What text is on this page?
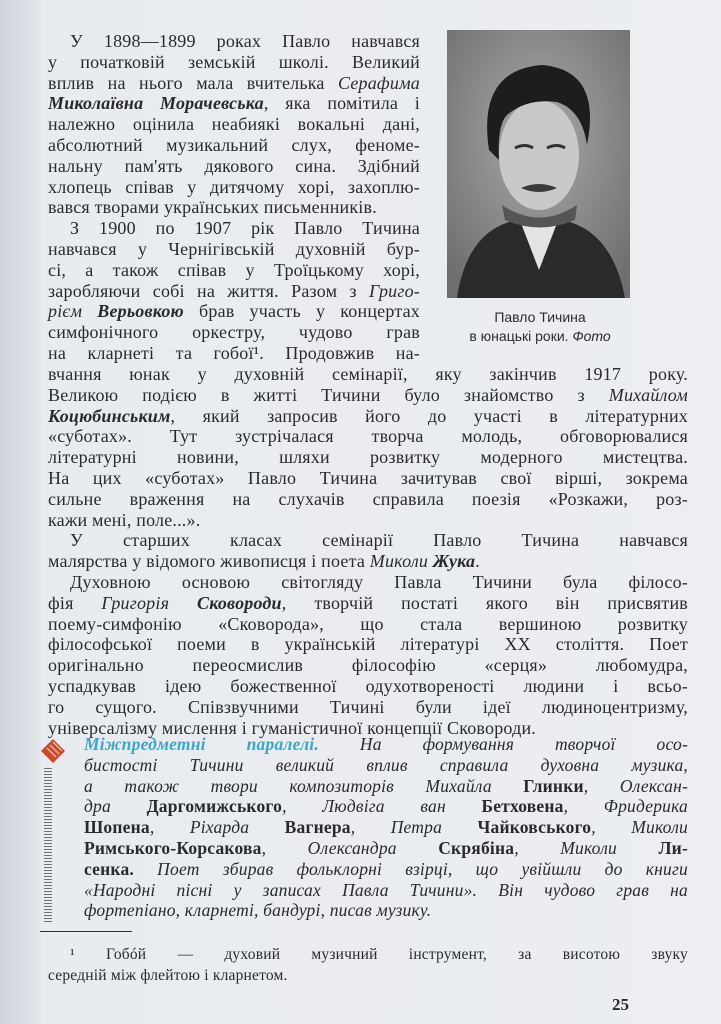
У 1898—1899 роках Павло навчався
у початковій земській школі. Великий
вплив на нього мала вчителька Серафима
Миколаївна Морачевська, яка помітила і
належно оцінила неабиякі вокальні дані,
абсолютний музикальний слух, феноме-
нальну пам'ять дякового сина. Здібний
хлопець співав у дитячому хорі, захоплю-
вався творами українських письменників.
З 1900 по 1907 рік Павло Тичина
навчався у Чернігівській духовній бур-
сі, а також співав у Троїцькому хорі,
заробляючи собі на життя. Разом з Григо-
рієм Верьовкою брав участь у концертах
симфонічного оркестру, чудово грав
на кларнеті та гобої¹. Продовжив на-
вчання юнак у духовній семінарії, яку закінчив 1917 року.
Великою подією в житті Тичини було знайомство з Михайлом
Коцюбинським, який запросив його до участі в літературних
«суботах». Тут зустрічалася творча молодь, обговорювалися
літературні новини, шляхи розвитку модерного мистецтва.
На цих «суботах» Павло Тичина зачитував свої вірші, зокрема
сильне враження на слухачів справила поезія «Розкажи, роз-
кажи мені, поле...».
У старших класах семінарії Павло Тичина навчався
малярства у відомого живописця і поета Миколи Жука.
Духовною основою світогляду Павла Тичини була філосо-
фія Григорія Сковороди, творчій постаті якого він присвятив
поему-симфонію «Сковорода», що стала вершиною розвитку
філософської поеми в українській літературі XX століття. Поет
оригінально переосмислив філософію «серця» любомудра,
успадкував ідею божественної одухотвореності людини і всьо-
го сущого. Співзвучними Тичині були ідеї людиноцентризму,
універсалізму мислення і гуманістичної концепції Сковороди.
Павло Тичина
в юнацькі роки. Фото
Міжпредметні паралелі. На формування творчої осо-
бистості Тичини великий вплив справила духовна музика,
а також твори композиторів Михайла Глинки, Олексан-
дра Даргомижського, Людвіга ван Бетховена, Фридерика
Шопена, Ріхарда Вагнера, Петра Чайковського, Миколи
Римського-Корсакова, Олександра Скрябіна, Миколи Ли-
сенка. Поет збирав фольклорні взірці, що увійшли до книги
«Народні пісні у записах Павла Тичини». Він чудово грав на
фортепіано, кларнеті, бандурі, писав музику.
¹ Гобóй — духовий музичний інструмент, за висотою звуку
середній між флейтою і кларнетом.
25
